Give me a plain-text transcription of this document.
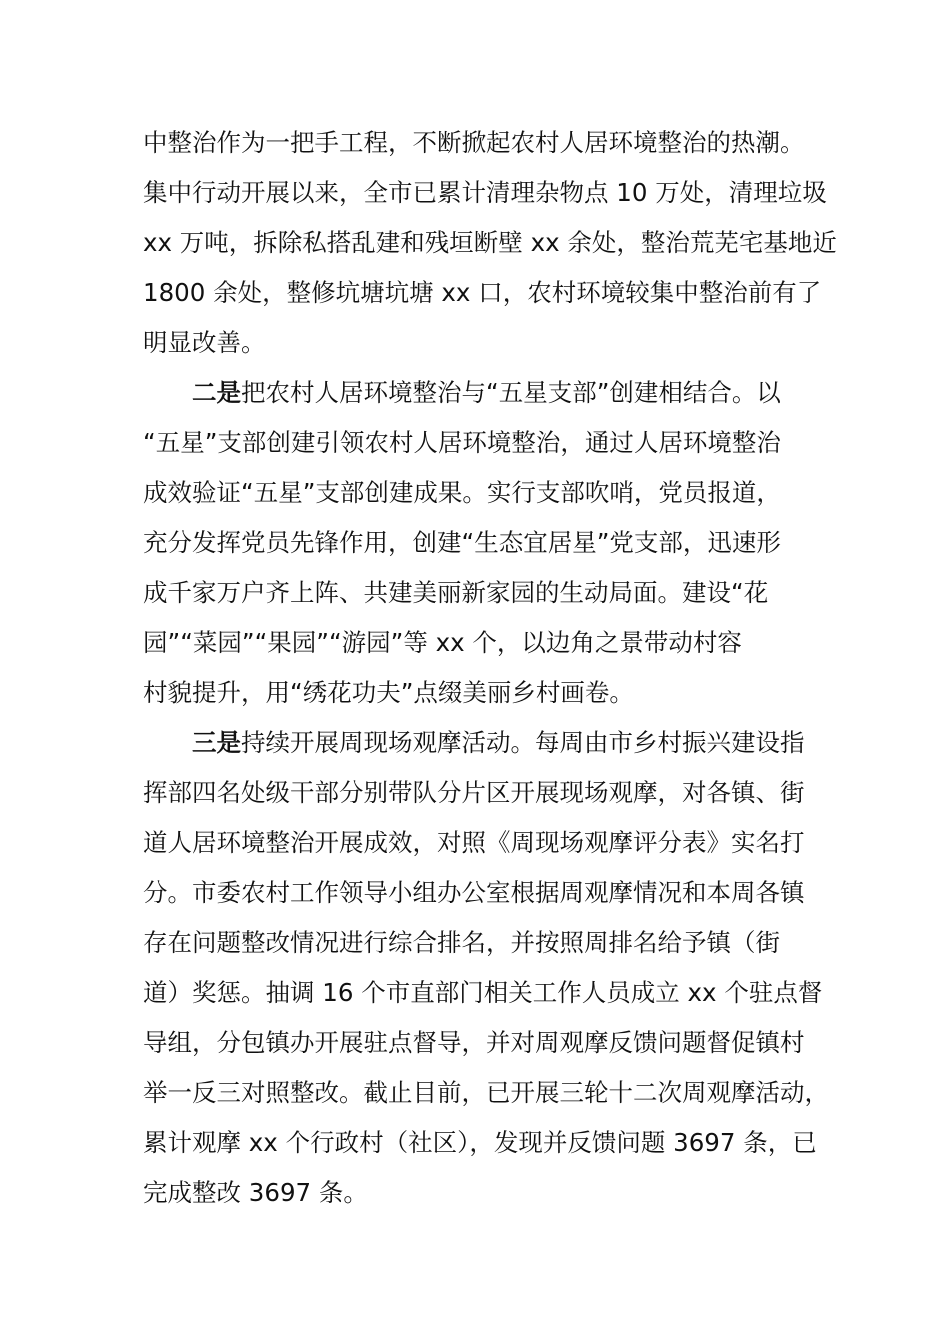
中整治作为一把手工程，不断掀起农村人居环境整治的热潮。
集中行动开展以来，全市已累计清理杂物点 10 万处，清理垃圾
xx 万吨，拆除私搭乱建和残垣断壁 xx 余处，整治荒芜宅基地近
1800 余处，整修坑塘坑塘 xx 口，农村环境较集中整治前有了
明显改善。
二是把农村人居环境整治与“五星支部”创建相结合。以
“五星”支部创建引领农村人居环境整治，通过人居环境整治
成效验证“五星”支部创建成果。实行支部吹哨，党员报道，
充分发挥党员先锋作用，创建“生态宜居星”党支部，迅速形
成千家万户齐上阵、共建美丽新家园的生动局面。建设“花
园”“菜园”“果园”“游园”等 xx 个，以边角之景带动村容
村貌提升，用“绣花功夫”点缀美丽乡村画卷。
三是持续开展周现场观摩活动。每周由市乡村振兴建设指
挥部四名处级干部分别带队分片区开展现场观摩，对各镇、街
道人居环境整治开展成效，对照《周现场观摩评分表》实名打
分。市委农村工作领导小组办公室根据周观摩情况和本周各镇
存在问题整改情况进行综合排名，并按照周排名给予镇（街
道）奖惩。抽调 16 个市直部门相关工作人员成立 xx 个驻点督
导组，分包镇办开展驻点督导，并对周观摩反馈问题督促镇村
举一反三对照整改。截止目前，已开展三轮十二次周观摩活动，
累计观摩 xx 个行政村（社区），发现并反馈问题 3697 条，已
完成整改 3697 条。
